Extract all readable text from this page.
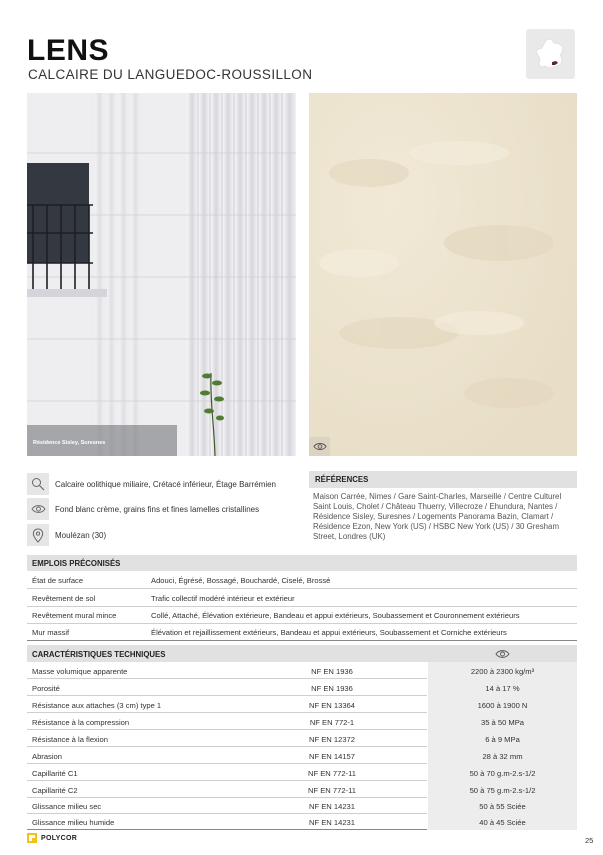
LENS
CALCAIRE DU LANGUEDOC-ROUSSILLON
Résidence Sisley, Suresnes
Calcaire oolithique miliaire, Crétacé inférieur, Étage Barrémien
Fond blanc crème, grains fins et fines lamelles cristallines
Moulézan (30)
RÉFÉRENCES
Maison Carrée, Nimes / Gare Saint-Charles, Marseille / Centre Culturel Saint Louis, Cholet / Château Thuerry, Villecroze / Ehundura, Nantes / Résidence Sisley, Suresnes / Logements Panorama Bazin, Clamart / Résidence Ezon, New York (US) / HSBC New York (US) / 30 Gresham Street, Londres (UK)
EMPLOIS PRÉCONISÉS
État de surface	Adouci, Égrésé, Bossagé, Bouchardé, Ciselé, Brossé
Revêtement de sol	Trafic collectif modéré intérieur et extérieur
Revêtement mural mince	Collé, Attaché, Élévation extérieure, Bandeau et appui extérieurs, Soubassement et Couronnement extérieurs
Mur massif	Élévation et rejaillissement extérieurs, Bandeau et appui extérieurs, Soubassement et Corniche extérieurs
CARACTÉRISTIQUES TECHNIQUES
Masse volumique apparente	NF EN 1936	2200 à 2300 kg/m³
Porosité	NF EN 1936	14 à 17 %
Résistance aux attaches (3 cm) type 1	NF EN 13364	1600 à 1900 N
Résistance à la compression	NF EN 772-1	35 à 50 MPa
Résistance à la flexion	NF EN 12372	6 à 9 MPa
Abrasion	NF EN 14157	28 à 32 mm
Capillarité C1	NF EN 772-11	50 à 70 g.m-2.s-1/2
Capillarité C2	NF EN 772-11	50 à 75 g.m-2.s-1/2
Glissance milieu sec	NF EN 14231	50 à 55 Sciée
Glissance milieu humide	NF EN 14231	40 à 45 Sciée
POLYCOR	25
